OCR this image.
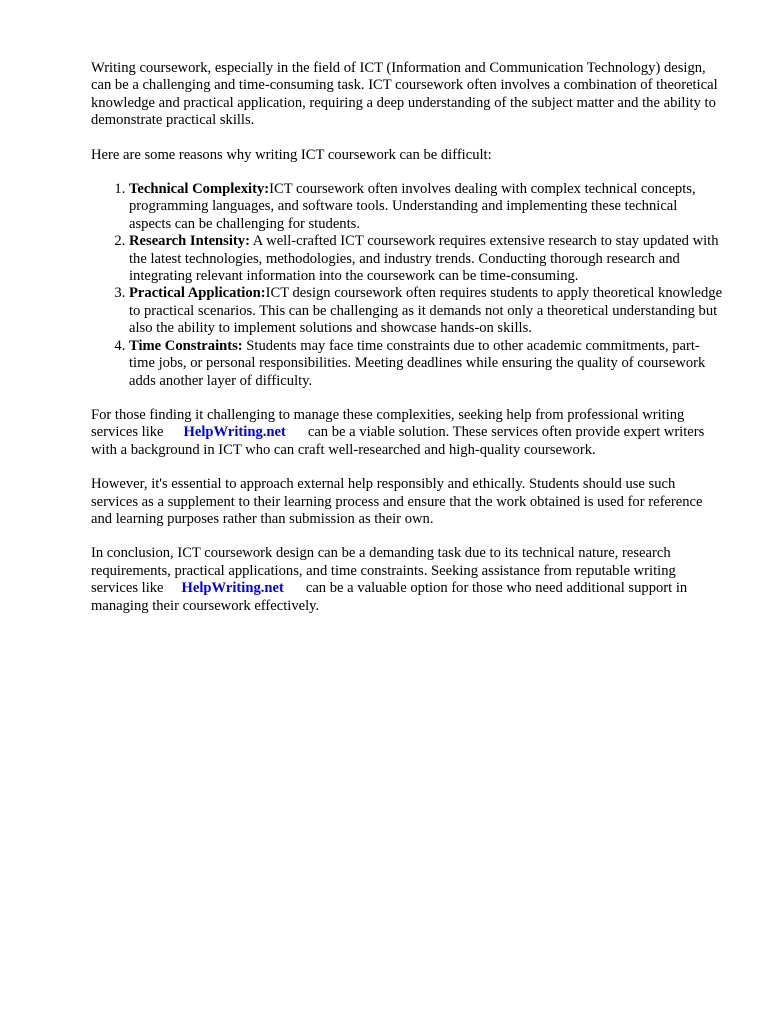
Writing coursework, especially in the field of ICT (Information and Communication Technology) design, can be a challenging and time-consuming task. ICT coursework often involves a combination of theoretical knowledge and practical application, requiring a deep understanding of the subject matter and the ability to demonstrate practical skills.

Here are some reasons why writing ICT coursework can be difficult:

1. Technical Complexity:ICT coursework often involves dealing with complex technical concepts, programming languages, and software tools. Understanding and implementing these technical aspects can be challenging for students.
2. Research Intensity: A well-crafted ICT coursework requires extensive research to stay updated with the latest technologies, methodologies, and industry trends. Conducting thorough research and integrating relevant information into the coursework can be time-consuming.
3. Practical Application:ICT design coursework often requires students to apply theoretical knowledge to practical scenarios. This can be challenging as it demands not only a theoretical understanding but also the ability to implement solutions and showcase hands-on skills.
4. Time Constraints: Students may face time constraints due to other academic commitments, part-time jobs, or personal responsibilities. Meeting deadlines while ensuring the quality of coursework adds another layer of difficulty.

For those finding it challenging to manage these complexities, seeking help from professional writing services like HelpWriting.net can be a viable solution. These services often provide expert writers with a background in ICT who can craft well-researched and high-quality coursework.

However, it's essential to approach external help responsibly and ethically. Students should use such services as a supplement to their learning process and ensure that the work obtained is used for reference and learning purposes rather than submission as their own.

In conclusion, ICT coursework design can be a demanding task due to its technical nature, research requirements, practical applications, and time constraints. Seeking assistance from reputable writing services like HelpWriting.net can be a valuable option for those who need additional support in managing their coursework effectively.
